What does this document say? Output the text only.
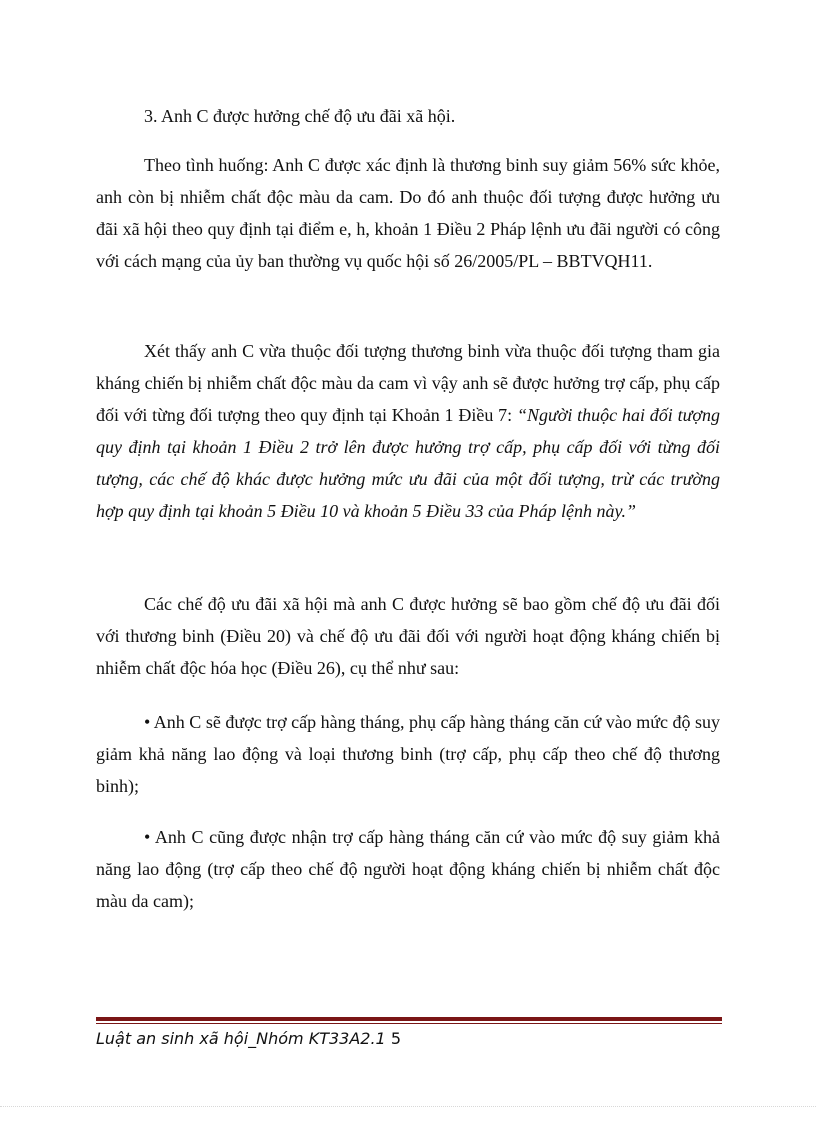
3. Anh C được hưởng chế độ ưu đãi xã hội.

Theo tình huống: Anh C được xác định là thương binh suy giảm 56% sức khỏe, anh còn bị nhiễm chất độc màu da cam. Do đó anh thuộc đối tượng được hưởng ưu đãi xã hội theo quy định tại điểm e, h, khoản 1 Điều 2 Pháp lệnh ưu đãi người có công với cách mạng của ủy ban thường vụ quốc hội số 26/2005/PL – BBTVQH11.

Xét thấy anh C vừa thuộc đối tượng thương binh vừa thuộc đối tượng tham gia kháng chiến bị nhiễm chất độc màu da cam vì vậy anh sẽ được hưởng trợ cấp, phụ cấp đối với từng đối tượng theo quy định tại Khoản 1 Điều 7: “Người thuộc hai đối tượng quy định tại khoản 1 Điều 2 trở lên được hưởng trợ cấp, phụ cấp đối với từng đối tượng, các chế độ khác được hưởng mức ưu đãi của một đối tượng, trừ các trường hợp quy định tại khoản 5 Điều 10 và khoản 5 Điều 33 của Pháp lệnh này.”

Các chế độ ưu đãi xã hội mà anh C được hưởng sẽ bao gồm chế độ ưu đãi đối với thương binh (Điều 20) và chế độ ưu đãi đối với người hoạt động kháng chiến bị nhiễm chất độc hóa học (Điều 26), cụ thể như sau:

• Anh C sẽ được trợ cấp hàng tháng, phụ cấp hàng tháng căn cứ vào mức độ suy giảm khả năng lao động và loại thương binh (trợ cấp, phụ cấp theo chế độ thương binh);

• Anh C cũng được nhận trợ cấp hàng tháng căn cứ vào mức độ suy giảm khả năng lao động (trợ cấp theo chế độ người hoạt động kháng chiến bị nhiễm chất độc màu da cam);

Luật an sinh xã hội_Nhóm KT33A2.1 5
